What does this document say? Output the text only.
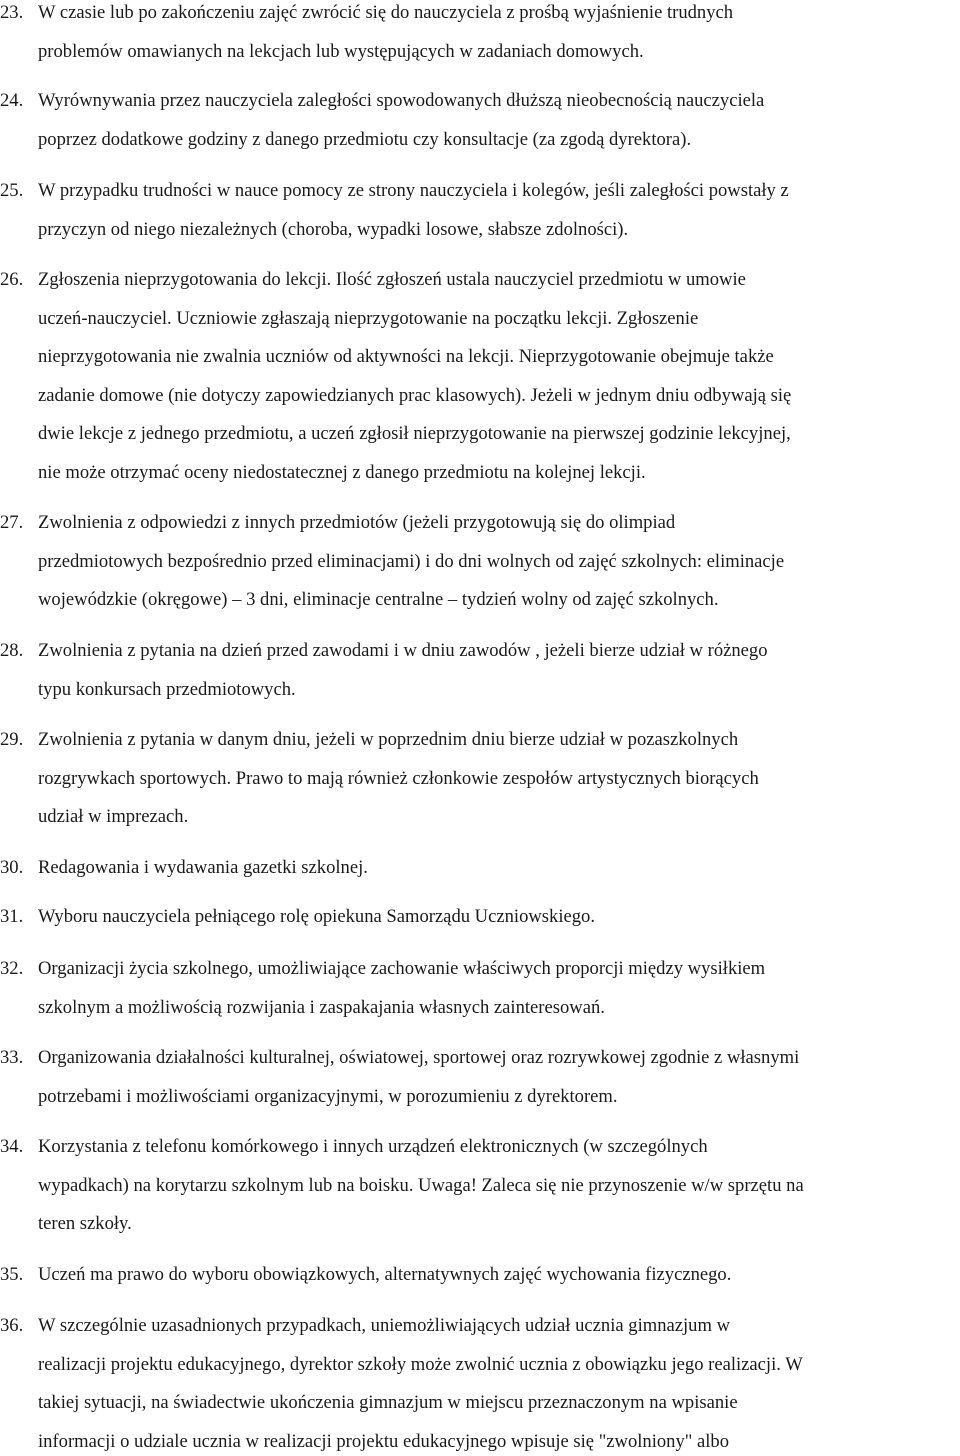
23. W czasie lub po zakończeniu zajęć zwrócić się do nauczyciela z prośbą wyjaśnienie trudnych
problemów omawianych na lekcjach lub występujących w zadaniach domowych.
24. Wyrównywania przez nauczyciela zaległości spowodowanych dłuższą nieobecnością nauczyciela
poprzez dodatkowe godziny z danego przedmiotu czy konsultacje (za zgodą dyrektora).
25. W przypadku trudności w nauce pomocy ze strony nauczyciela i kolegów, jeśli zaległości powstały z
przyczyn od niego niezależnych (choroba, wypadki losowe, słabsze zdolności).
26. Zgłoszenia nieprzygotowania do lekcji. Ilość zgłoszeń ustala nauczyciel przedmiotu w umowie
uczeń-nauczyciel. Uczniowie zgłaszają nieprzygotowanie na początku lekcji. Zgłoszenie
nieprzygotowania nie zwalnia uczniów od aktywności na lekcji. Nieprzygotowanie obejmuje także
zadanie domowe (nie dotyczy zapowiedzianych prac klasowych). Jeżeli w jednym dniu odbywają się
dwie lekcje z jednego przedmiotu, a uczeń zgłosił nieprzygotowanie na pierwszej godzinie lekcyjnej,
nie może otrzymać oceny niedostatecznej z danego przedmiotu na kolejnej lekcji.
27. Zwolnienia z odpowiedzi z innych przedmiotów (jeżeli przygotowują się do olimpiad
przedmiotowych bezpośrednio przed eliminacjami) i do dni wolnych od zajęć szkolnych: eliminacje
wojewódzkie (okręgowe) – 3 dni, eliminacje centralne – tydzień wolny od zajęć szkolnych.
28. Zwolnienia z pytania na dzień przed zawodami i w dniu zawodów , jeżeli bierze udział w różnego
typu konkursach przedmiotowych.
29. Zwolnienia z pytania w danym dniu, jeżeli w poprzednim dniu bierze udział w pozaszkolnych
rozgrywkach sportowych. Prawo to mają również członkowie zespołów artystycznych biorących
udział w imprezach.
30. Redagowania i wydawania gazetki szkolnej.
31. Wyboru nauczyciela pełniącego rolę opiekuna Samorządu Uczniowskiego.
32. Organizacji życia szkolnego, umożliwiające zachowanie właściwych proporcji między wysiłkiem
szkolnym a możliwością rozwijania i zaspakajania własnych zainteresowań.
33. Organizowania działalności kulturalnej, oświatowej, sportowej oraz rozrywkowej zgodnie z własnymi
potrzebami i możliwościami organizacyjnymi, w porozumieniu z dyrektorem.
34. Korzystania z telefonu komórkowego i innych urządzeń elektronicznych (w szczególnych
wypadkach) na korytarzu szkolnym lub na boisku. Uwaga! Zaleca się nie przynoszenie w/w sprzętu na
teren szkoły.
35. Uczeń ma prawo do wyboru obowiązkowych, alternatywnych zajęć wychowania fizycznego.
36. W szczególnie uzasadnionych przypadkach, uniemożliwiających udział ucznia gimnazjum w
realizacji projektu edukacyjnego, dyrektor szkoły może zwolnić ucznia z obowiązku jego realizacji. W
takiej sytuacji, na świadectwie ukończenia gimnazjum w miejscu przeznaczonym na wpisanie
informacji o udziale ucznia w realizacji projektu edukacyjnego wpisuje się "zwolniony" albo
